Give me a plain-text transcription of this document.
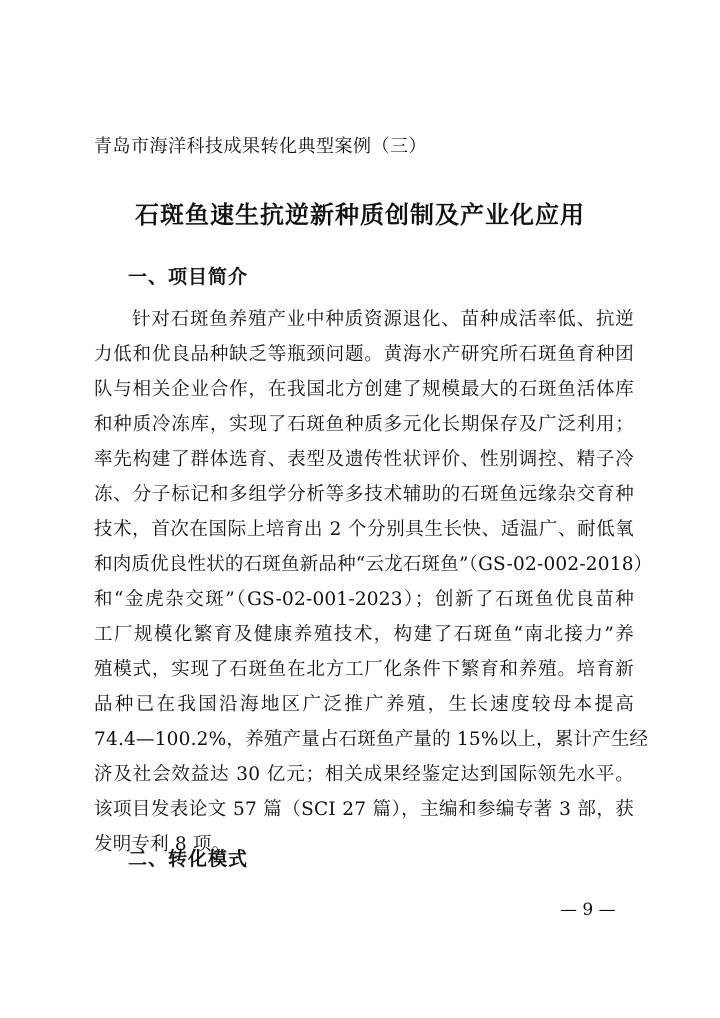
青岛市海洋科技成果转化典型案例（三）
石斑鱼速生抗逆新种质创制及产业化应用
一、项目简介
针对石斑鱼养殖产业中种质资源退化、苗种成活率低、抗逆
力低和优良品种缺乏等瓶颈问题。黄海水产研究所石斑鱼育种团
队与相关企业合作，在我国北方创建了规模最大的石斑鱼活体库
和种质冷冻库，实现了石斑鱼种质多元化长期保存及广泛利用；
率先构建了群体选育、表型及遗传性状评价、性别调控、精子冷
冻、分子标记和多组学分析等多技术辅助的石斑鱼远缘杂交育种
技术，首次在国际上培育出 2 个分别具生长快、适温广、耐低氧
和肉质优良性状的石斑鱼新品种“云龙石斑鱼”（GS-02-002-2018）
和“金虎杂交斑”（GS-02-001-2023）；创新了石斑鱼优良苗种
工厂规模化繁育及健康养殖技术，构建了石斑鱼“南北接力”养
殖模式，实现了石斑鱼在北方工厂化条件下繁育和养殖。培育新
品种已在我国沿海地区广泛推广养殖，生长速度较母本提高
74.4—100.2%，养殖产量占石斑鱼产量的 15%以上，累计产生经
济及社会效益达 30 亿元；相关成果经鉴定达到国际领先水平。
该项目发表论文 57 篇（SCI 27 篇），主编和参编专著 3 部，获
发明专利 8 项。
二、转化模式
— 9 —
